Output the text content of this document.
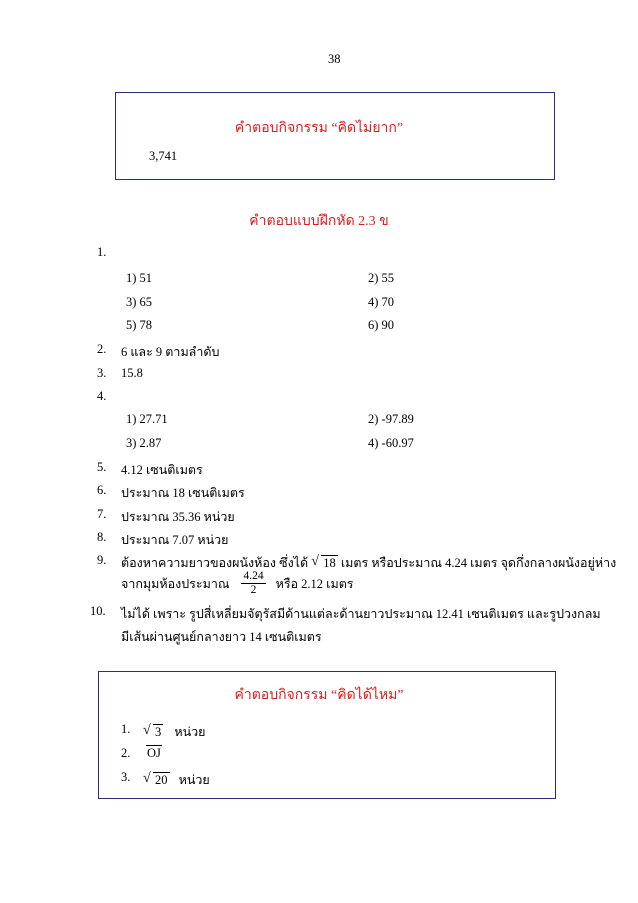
38
คำตอบกิจกรรม “คิดไม่ยาก”
3,741
คำตอบแบบฝึกหัด 2.3 ข
1.
1) 51	2) 55
3) 65	4) 70
5) 78	6) 90
2. 6 และ 9 ตามลำดับ
3. 15.8
4.
1) 27.71	2) -97.89
3) 2.87	4) -60.97
5. 4.12 เซนติเมตร
6. ประมาณ 18 เซนติเมตร
7. ประมาณ 35.36 หน่วย
8. ประมาณ 7.07 หน่วย
9. ต้องหาความยาวของผนังห้อง ซึ่งได้ √ 18 เมตร หรือประมาณ 4.24 เมตร จุดกึ่งกลางผนังอยู่ห่าง
จากมุมห้องประมาณ $\frac{4.24}{2}$ หรือ 2.12 เมตร
10. ไม่ได้ เพราะ รูปสี่เหลี่ยมจัตุรัสมีด้านแต่ละด้านยาวประมาณ 12.41 เซนติเมตร และรูปวงกลม
มีเส้นผ่านศูนย์กลางยาว 14 เซนติเมตร
คำตอบกิจกรรม “คิดได้ไหม”
1. √ 3 หน่วย
2. OJ
3. √ 20 หน่วย
